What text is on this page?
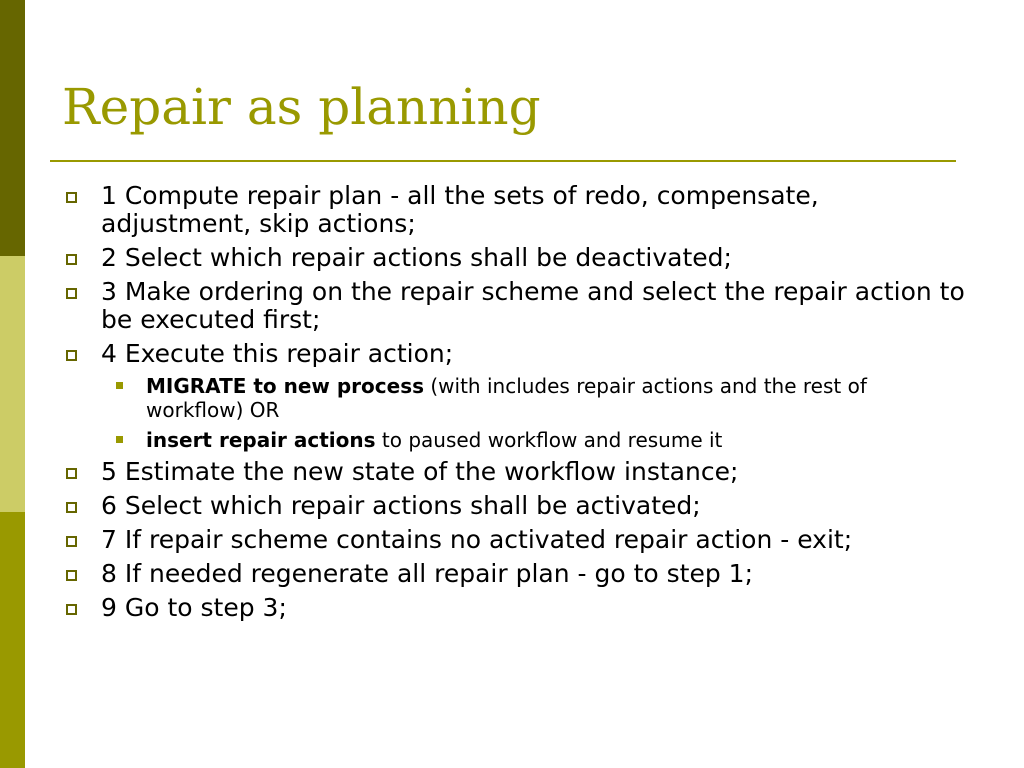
Repair as planning
1 Compute repair plan - all the sets of redo, compensate, adjustment, skip actions;
2 Select which repair actions shall be deactivated;
3 Make ordering on the repair scheme and select the repair action to be executed first;
4 Execute this repair action;
MIGRATE to new process (with includes repair actions and the rest of workflow) OR
insert repair actions to paused workflow and resume it
5 Estimate the new state of the workflow instance;
6 Select which repair actions shall be activated;
7 If repair scheme contains no activated repair action - exit;
8 If needed regenerate all repair plan - go to step 1;
9 Go to step 3;
